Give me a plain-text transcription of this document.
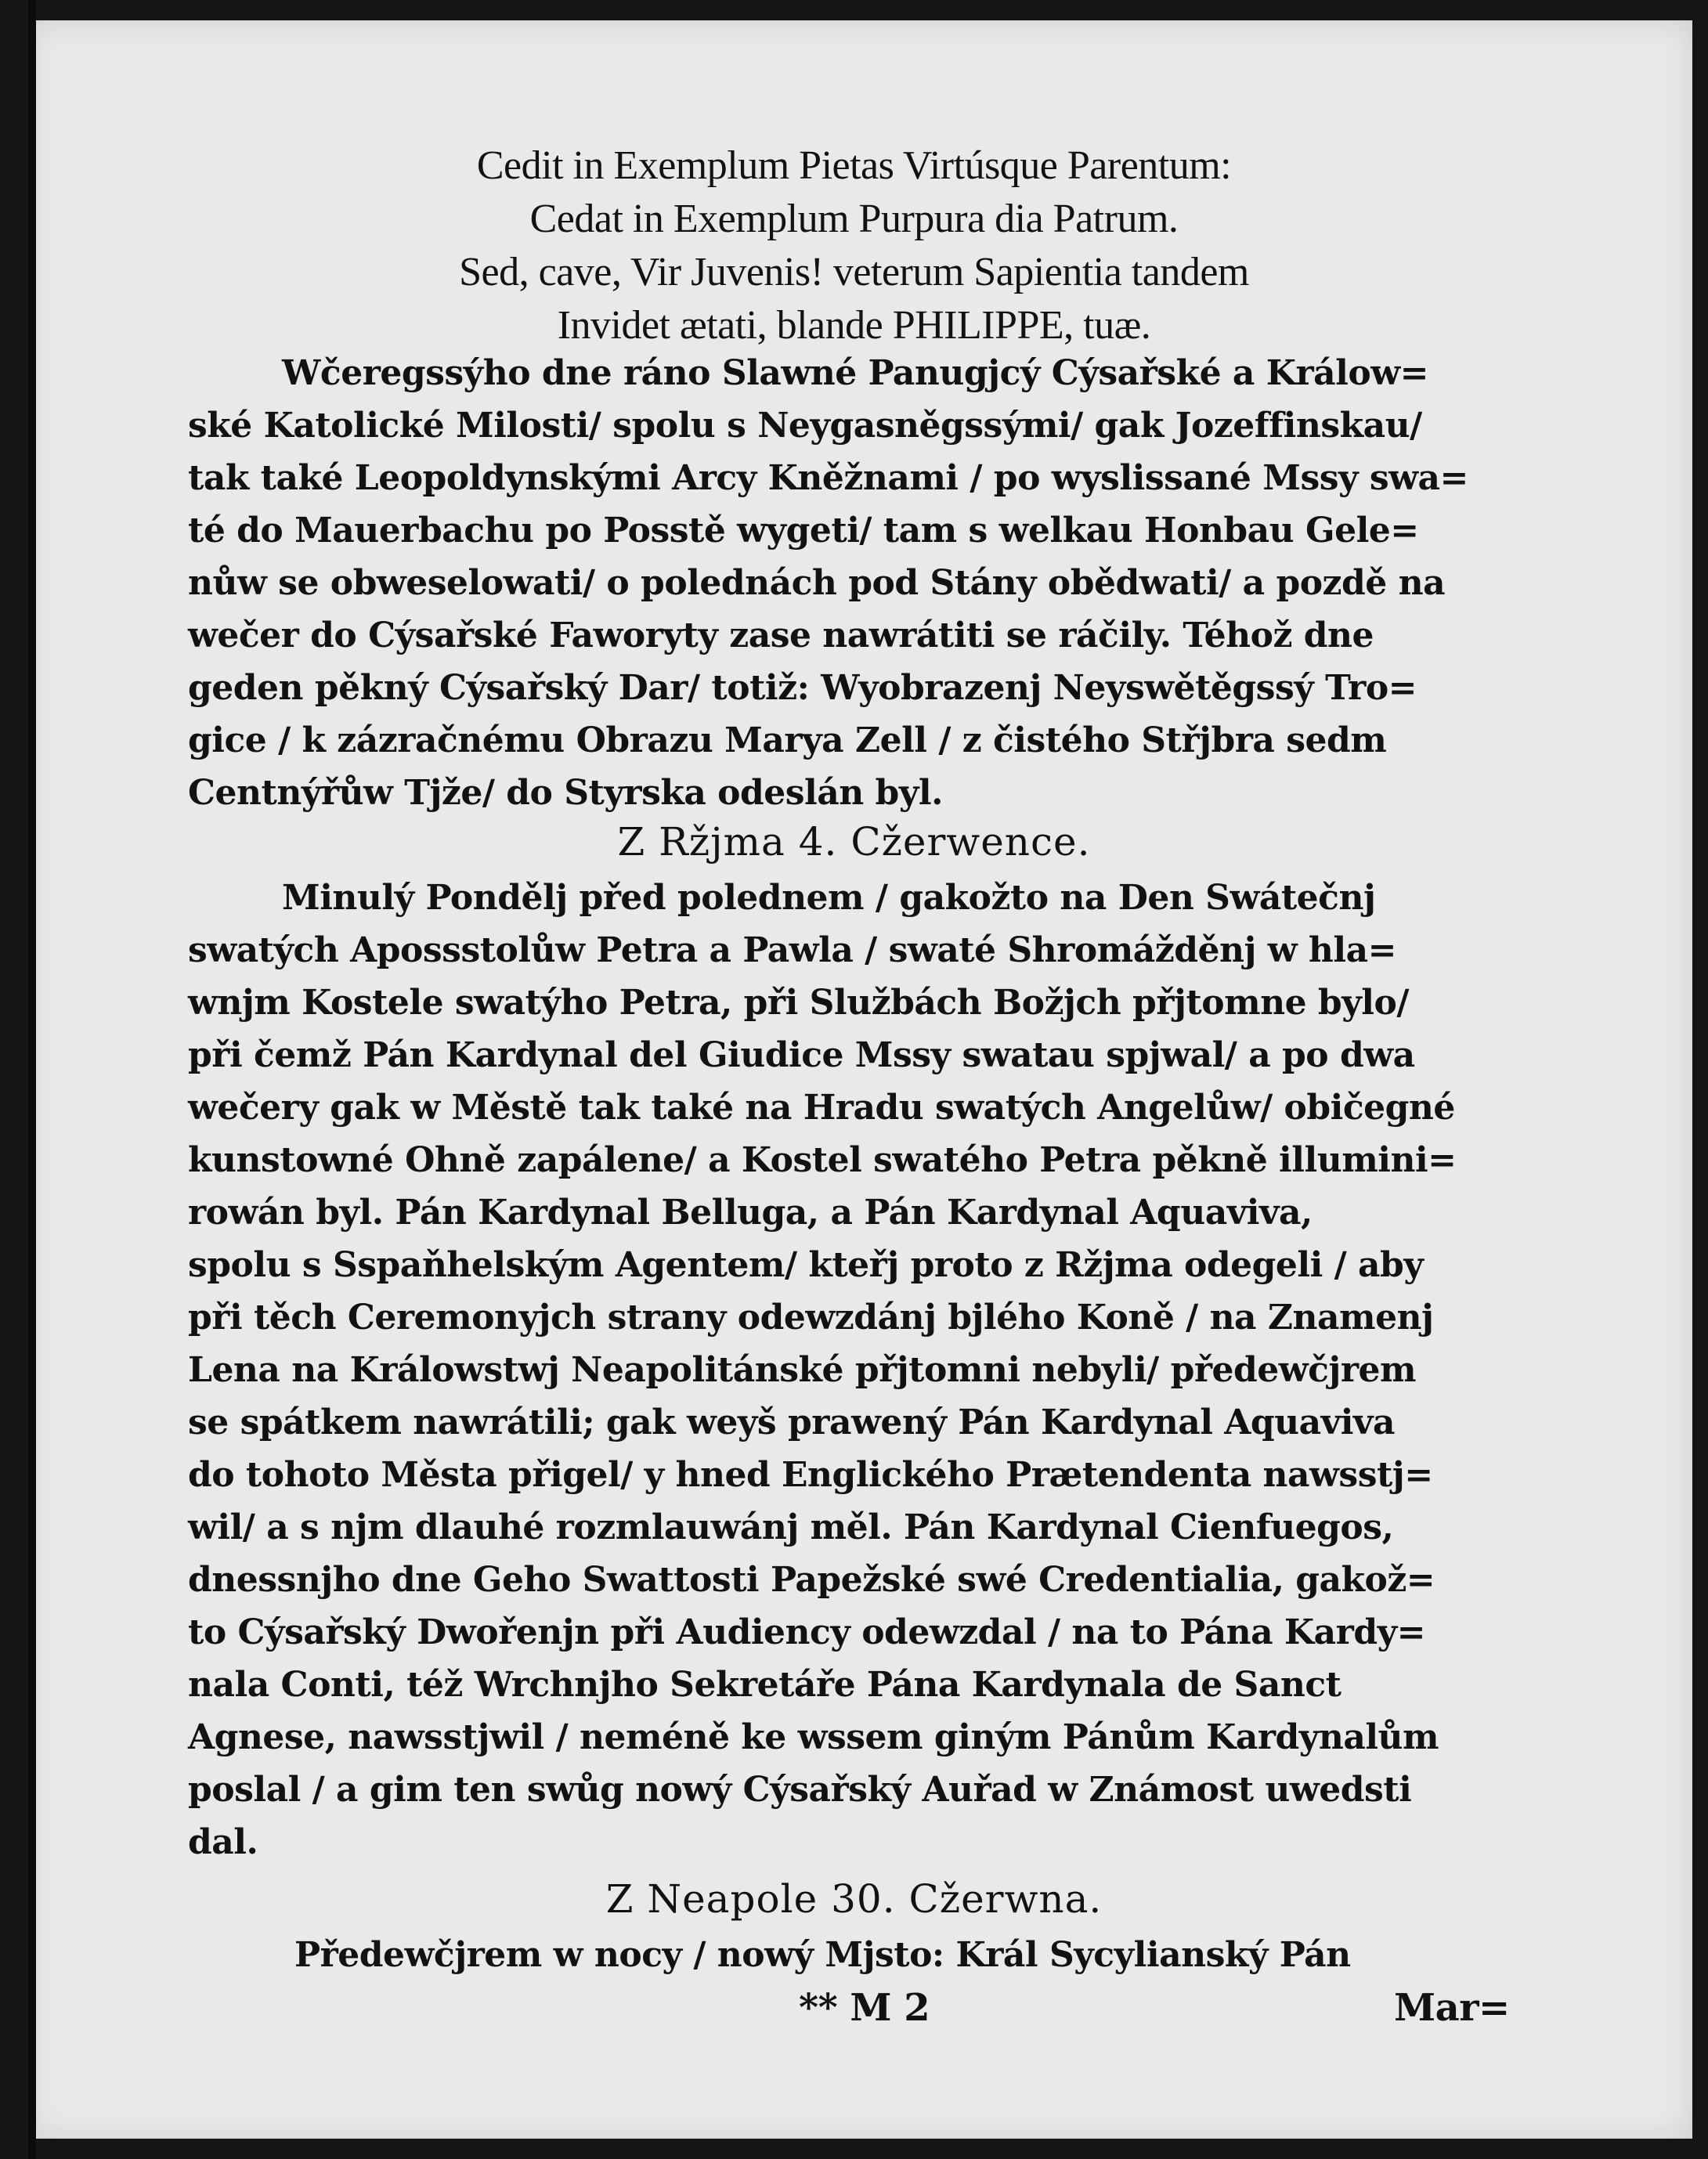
Cedit in Exemplum Pietas Virtúsque Parentum:

Cedat in Exemplum Purpura dia Patrum.

Sed, cave, Vir Juvenis! veterum Sapientia tandem

Invidet ætati, blande PHILIPPE, tuæ.

Wčeregssýho dne ráno Slawné Panugjcý Cýsařské a Králow=

ské Katolické Milosti/ spolu s Neygasněgssými/ gak Jozeffinskau/

tak také Leopoldynskými Arcy Kněžnami / po wyslissané Mssy swa=

té do Mauerbachu po Posstě wygeti/ tam s welkau Honbau Gele=

nůw se obweselowati/ o polednách pod Stány obědwati/ a pozdě na

wečer do Cýsařské Faworyty zase nawrátiti se ráčily. Téhož dne

geden pěkný Cýsařský Dar/ totiž: Wyobrazenj Neyswětěgssý Tro=

gice / k zázračnému Obrazu Marya Zell / z čistého Střjbra sedm

Centnýřůw Tjže/ do Styrska odeslán byl.

Z Ržjma 4. Cžerwence.

Minulý Pondělj před polednem / gakožto na Den Swátečnj

swatých Apossstolůw Petra a Pawla / swaté Shromážděnj w hla=

wnjm Kostele swatýho Petra, při Službách Božjch přjtomne bylo/

při čemž Pán Kardynal del Giudice Mssy swatau spjwal/ a po dwa

wečery gak w Městě tak také na Hradu swatých Angelůw/ običegné

kunstowné Ohně zapálene/ a Kostel swatého Petra pěkně illumini=

rowán byl. Pán Kardynal Belluga, a Pán Kardynal Aquaviva,

spolu s Sspaňhelským Agentem/ kteřj proto z Ržjma odegeli / aby

při těch Ceremonyjch strany odewzdánj bjlého Koně / na Znamenj

Lena na Králowstwj Neapolitánské přjtomni nebyli/ předewčjrem

se spátkem nawrátili; gak weyš prawený Pán Kardynal Aquaviva

do tohoto Města přigel/ y hned Englického Prætendenta nawsstj=

wil/ a s njm dlauhé rozmlauwánj měl. Pán Kardynal Cienfuegos,

dnessnjho dne Geho Swattosti Papežské swé Credentialia, gakož=

to Cýsařský Dwořenjn při Audiency odewzdal / na to Pána Kardy=

nala Conti, též Wrchnjho Sekretáře Pána Kardynala de Sanct

Agnese, nawsstjwil / neméně ke wssem giným Pánům Kardynalům

poslal / a gim ten swůg nowý Cýsařský Auřad w Známost uwedsti

dal.

Z Neapole 30. Cžerwna.

Předewčjrem w nocy / nowý Mjsto: Král Sycylianský Pán

** M 2	Mar=
